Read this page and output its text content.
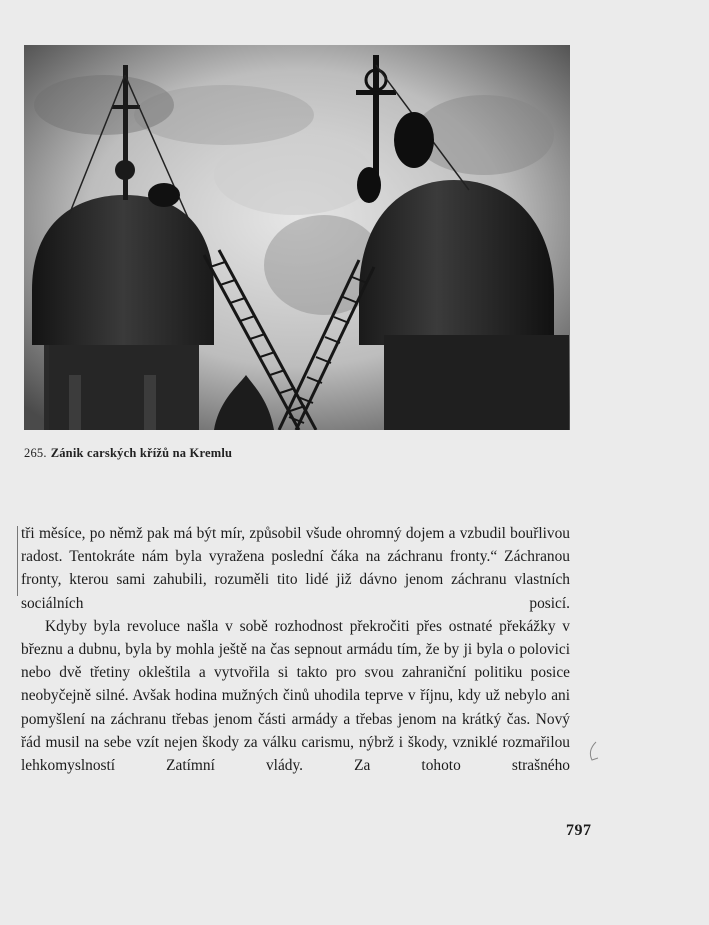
265. Zánik carských křížů na Kremlu

tři měsíce, po němž pak má být mír, způsobil všude ohromný dojem a vzbudil bouřlivou radost. Tentokráte nám byla vyražena poslední čáka na záchranu fronty.“ Záchranou fronty, kterou sami zahubili, rozuměli tito lidé již dávno jenom záchranu vlastních sociálních posicí.

Kdyby byla revoluce našla v sobě rozhodnost překročiti přes ostnaté překážky v březnu a dubnu, byla by mohla ještě na čas sepnout armádu tím, že by ji byla o polovici nebo dvě třetiny okleštila a vytvořila si takto pro svou zahraniční politiku posice neobyčejně silné. Avšak hodina mužných činů uhodila teprve v říjnu, kdy už nebylo ani pomyšlení na záchranu třebas jenom části armády a třebas jenom na krátký čas. Nový řád musil na sebe vzít nejen škody za válku carismu, nýbrž i škody, vzniklé rozmařilou lehkomyslností Zatímní vlády. Za tohoto strašného

797
